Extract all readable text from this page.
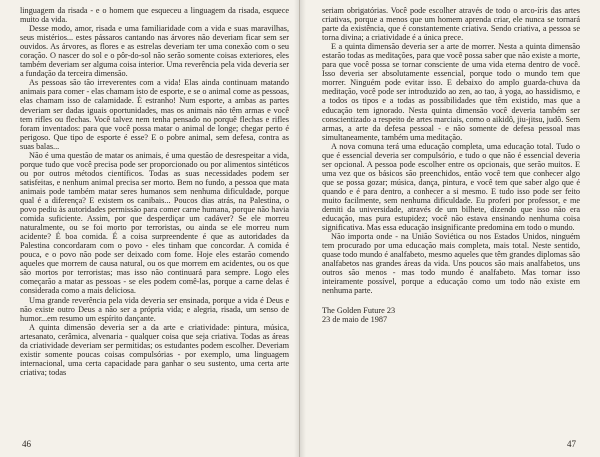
linguagem da risada - e o homem que esqueceu a linguagem da risada, esquece muito da vida.

Desse modo, amor, risada e uma familiaridade com a vida e suas maravilhas, seus mistérios... estes pássaros cantando nas árvores não deveriam ficar sem ser ouvidos. As árvores, as flores e as estrelas deveriam ter uma conexão com o seu coração. O nascer do sol e o pôr-do-sol não serão somente coisas exteriores, eles também deveriam ser alguma coisa interior. Uma reverência pela vida deveria ser a fundação da terceira dimensão.

As pessoas são tão irreverentes com a vida! Elas ainda continuam matando animais para comer - elas chamam isto de esporte, e se o animal come as pessoas, elas chamam isso de calamidade. É estranho! Num esporte, a ambas as partes deveriam ser dadas iguais oportunidades, mas os animais não têm armas e você tem rifles ou flechas. Você talvez nem tenha pensado no porquê flechas e rifles foram inventados: para que você possa matar o animal de longe; chegar perto é perigoso. Que tipo de esporte é esse? E o pobre animal, sem defesa, contra as suas balas...

Não é uma questão de matar os animais, é uma questão de desrespeitar a vida, porque tudo que você precisa pode ser proporcionado ou por alimentos sintéticos ou por outros métodos científicos. Todas as suas necessidades podem ser satisfeitas, e nenhum animal precisa ser morto. Bem no fundo, a pessoa que mata animais pode também matar seres humanos sem nenhuma dificuldade, porque qual é a diferença? E existem os canibais... Poucos dias atrás, na Palestina, o povo pediu às autoridades permissão para comer carne humana, porque não havia comida suficiente. Assim, por que desperdiçar um cadáver? Se ele morreu naturalmente, ou se foi morto por terroristas, ou ainda se ele morreu num acidente? É boa comida. É a coisa surpreendente é que as autoridades da Palestina concordaram com o povo - eles tinham que concordar. A comida é pouca, e o povo não pode ser deixado com fome. Hoje eles estarão comendo aqueles que morrem de causa natural, ou os que morrem em acidentes, ou os que são mortos por terroristas; mas isso não continuará para sempre. Logo eles começarão a matar as pessoas - se eles podem comê-las, porque a carne delas é considerada como a mais deliciosa.

Uma grande reverência pela vida deveria ser ensinada, porque a vida é Deus e não existe outro Deus a não ser a própria vida; e alegria, risada, um senso de humor...em resumo um espírito dançante.

A quinta dimensão deveria ser a da arte e criatividade: pintura, música, artesanato, cerâmica, alvenaria - qualquer coisa que seja criativa. Todas as áreas da criatividade deveriam ser permitidas; os estudantes podem escolher. Deveriam existir somente poucas coisas compulsórias - por exemplo, uma linguagem internacional, uma certa capacidade para ganhar o seu sustento, uma certa arte criativa; todas

46

seriam obrigatórias. Você pode escolher através de todo o arco-íris das artes criativas, porque a menos que um homem aprenda criar, ele nunca se tornará parte da existência, que é constantemente criativa. Sendo criativa, a pessoa se torna divina; a criatividade é a única prece.

E a quinta dimensão deveria ser a arte de morrer. Nesta a quinta dimensão estarão todas as meditações, para que você possa saber que não existe a morte, para que você possa se tornar consciente de uma vida eterna dentro de você. Isso deveria ser absolutamente essencial, porque todo o mundo tem que morrer. Ninguém pode evitar isso. E debaixo do amplo guarda-chuva da meditação, você pode ser introduzido ao zen, ao tao, à yoga, ao hassidismo, e a todos os tipos e a todas as possibilidades que têm existido, mas que a educação tem ignorado. Nesta quinta dimensão você deveria também ser conscientizado a respeito de artes marciais, como o aikidô, jiu-jitsu, judô. Sem armas, a arte da defesa pessoal - e não somente de defesa pessoal mas simultaneamente, também uma meditação.

A nova comuna terá uma educação completa, uma educação total. Tudo o que é essencial deveria ser compulsório, e tudo o que não é essencial deveria ser opcional. A pessoa pode escolher entre os opcionais, que serão muitos. E uma vez que os básicos são preenchidos, então você tem que conhecer algo que se possa gozar; música, dança, pintura, e você tem que saber algo que é quando e é para dentro, a conhecer a si mesmo. E tudo isso pode ser feito muito facilmente, sem nenhuma dificuldade. Eu proferi por professor, e me demiti da universidade, através de um bilhete, dizendo que isso não era educação, mas pura estupidez; você não estava ensinando nenhuma coisa significativa. Mas essa educação insignificante predomina em todo o mundo.

Não importa onde - na União Soviética ou nos Estados Unidos, ninguém tem procurado por uma educação mais completa, mais total. Neste sentido, quase todo mundo é analfabeto, mesmo aqueles que têm grandes diplomas são analfabetos nas grandes áreas da vida. Uns poucos são mais analfabetos, uns outros são menos - mas todo mundo é analfabeto. Mas tornar isso inteiramente possível, porque a educação como um todo não existe em nenhuma parte.

The Golden Future 23
23 de maio de 1987
47
